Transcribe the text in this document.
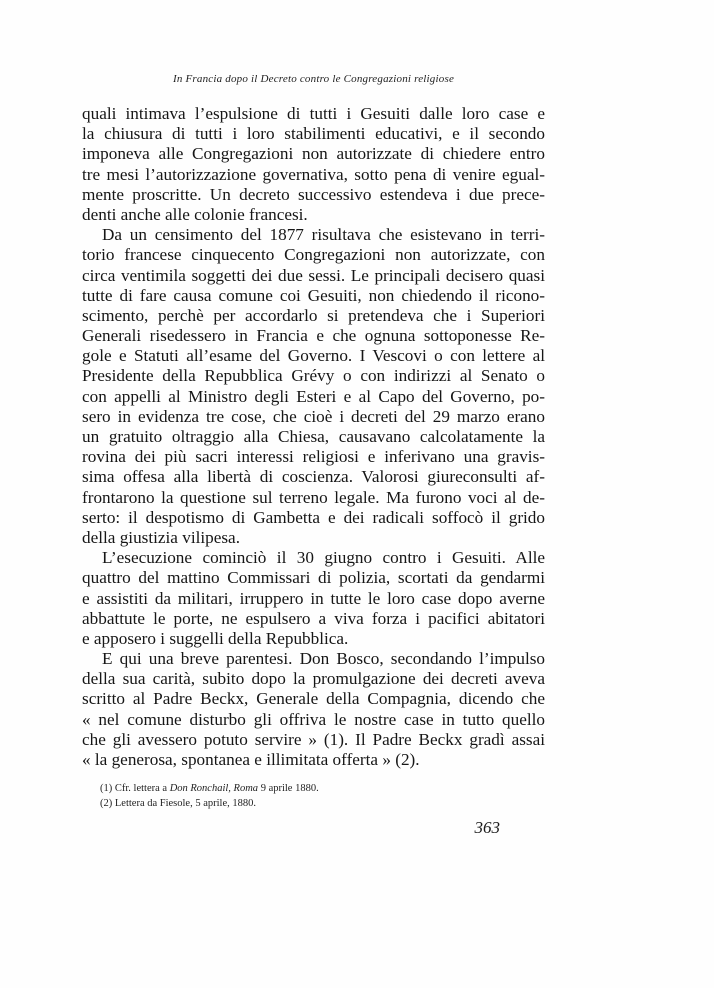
In Francia dopo il Decreto contro le Congregazioni religiose
quali intimava l’espulsione di tutti i Gesuiti dalle loro case e
la chiusura di tutti i loro stabilimenti educativi, e il secondo
imponeva alle Congregazioni non autorizzate di chiedere entro
tre mesi l’autorizzazione governativa, sotto pena di venire egual-
mente proscritte. Un decreto successivo estendeva i due prece-
denti anche alle colonie francesi.
Da un censimento del 1877 risultava che esistevano in terri-
torio francese cinquecento Congregazioni non autorizzate, con
circa ventimila soggetti dei due sessi. Le principali decisero quasi
tutte di fare causa comune coi Gesuiti, non chiedendo il ricono-
scimento, perchè per accordarlo si pretendeva che i Superiori
Generali risedessero in Francia e che ognuna sottoponesse Re-
gole e Statuti all’esame del Governo. I Vescovi o con lettere al
Presidente della Repubblica Grévy o con indirizzi al Senato o
con appelli al Ministro degli Esteri e al Capo del Governo, po-
sero in evidenza tre cose, che cioè i decreti del 29 marzo erano
un gratuito oltraggio alla Chiesa, causavano calcolatamente la
rovina dei più sacri interessi religiosi e inferivano una gravis-
sima offesa alla libertà di coscienza. Valorosi giureconsulti af-
frontarono la questione sul terreno legale. Ma furono voci al de-
serto: il despotismo di Gambetta e dei radicali soffocò il grido
della giustizia vilipesa.
L’esecuzione cominciò il 30 giugno contro i Gesuiti. Alle
quattro del mattino Commissari di polizia, scortati da gendarmi
e assistiti da militari, irruppero in tutte le loro case dopo averne
abbattute le porte, ne espulsero a viva forza i pacifici abitatori
e apposero i suggelli della Repubblica.
E qui una breve parentesi. Don Bosco, secondando l’impulso
della sua carità, subito dopo la promulgazione dei decreti aveva
scritto al Padre Beckx, Generale della Compagnia, dicendo che
« nel comune disturbo gli offriva le nostre case in tutto quello
che gli avessero potuto servire » (1). Il Padre Beckx gradì assai
« la generosa, spontanea e illimitata offerta » (2).
(1) Cfr. lettera a Don Ronchail, Roma 9 aprile 1880.
(2) Lettera da Fiesole, 5 aprile, 1880.
363
